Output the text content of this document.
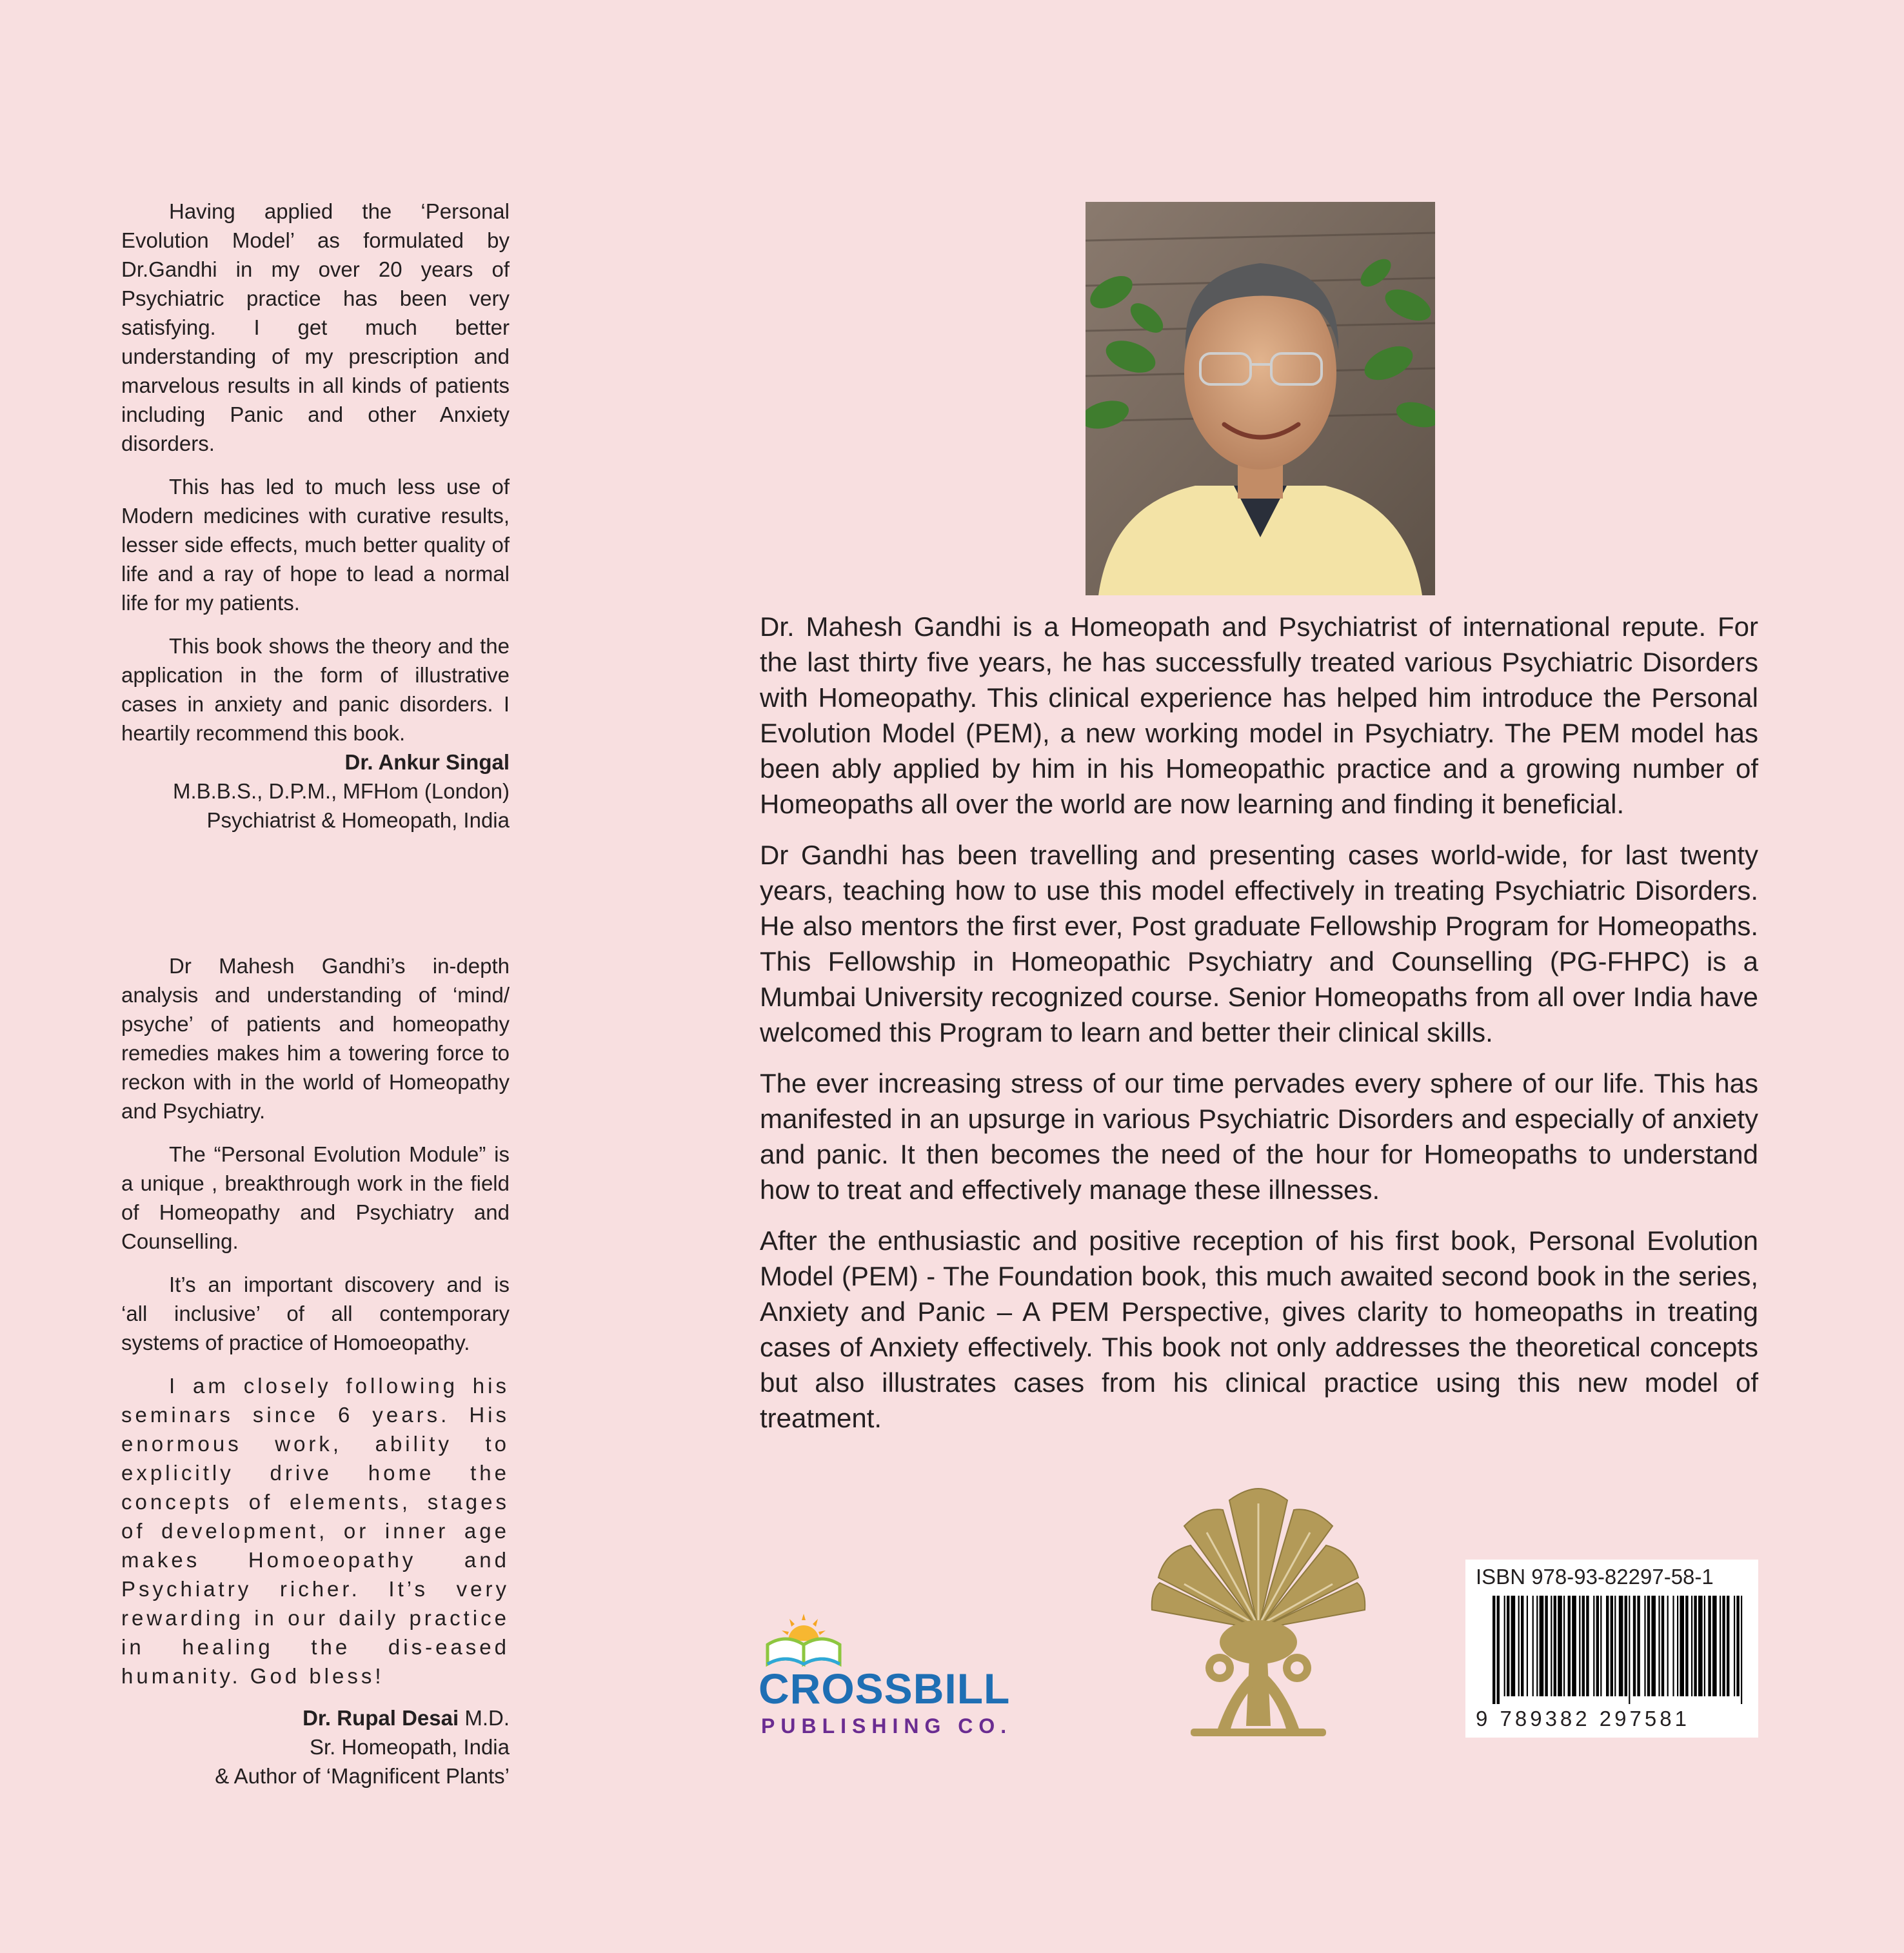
Having applied the ‘Personal Evolution Model’ as formulated by Dr.Gandhi in my over 20 years of Psychiatric practice has been very satisfying. I get much better understanding of my prescription and marvelous results in all kinds of patients including Panic and other Anxiety disorders.

This has led to much less use of Modern medicines with curative results, lesser side effects, much better quality of life and a ray of hope to lead a normal life for my patients.

This book shows the theory and the application in the form of illustrative cases in anxiety and panic disorders. I heartily recommend this book.

Dr. Ankur Singal

M.B.B.S., D.P.M., MFHom (London)

Psychiatrist & Homeopath, India

Dr Mahesh Gandhi’s in-depth analysis and understanding of ‘mind/ psyche’ of patients and homeopathy remedies makes him a towering force to reckon with in the world of Homeopathy and Psychiatry.

The “Personal Evolution Module” is a unique , breakthrough work in the field of Homeopathy and Psychiatry and Counselling.

It’s an important discovery and is ‘all inclusive’ of all contemporary systems of practice of Homoeopathy.

I am closely following his seminars since 6 years. His enormous work, ability to explicitly drive home the concepts of elements, stages of development, or inner age makes Homoeopathy and Psychiatry richer. It’s very rewarding in our daily practice in healing the dis-eased humanity. God bless!

Dr. Rupal Desai M.D.

Sr. Homeopath, India

& Author of ‘Magnificent Plants’

Dr. Mahesh Gandhi is a Homeopath and Psychiatrist of international repute. For the last thirty five years, he has successfully treated various Psychiatric Disorders with Homeopathy. This clinical experience has helped him introduce the Personal Evolution Model (PEM), a new working model in Psychiatry. The PEM model has been ably applied by him in his Homeopathic practice and a growing number of Homeopaths all over the world are now learning and finding it beneficial.

Dr Gandhi has been travelling and presenting cases world-wide, for last twenty years, teaching how to use this model effectively in treating Psychiatric Disorders. He also mentors the first ever, Post graduate Fellowship Program for Homeopaths. This Fellowship in Homeopathic Psychiatry and Counselling (PG-FHPC) is a Mumbai University recognized course. Senior Homeopaths from all over India have welcomed this Program to learn and better their clinical skills.

The ever increasing stress of our time pervades every sphere of our life. This has manifested in an upsurge in various Psychiatric Disorders and especially of anxiety and panic. It then becomes the need of the hour for Homeopaths to understand how to treat and effectively manage these illnesses.

After the enthusiastic and positive reception of his first book, Personal Evolution Model (PEM) - The Foundation book, this much awaited second book in the series, Anxiety and Panic – A PEM Perspective, gives clarity to homeopaths in treating cases of Anxiety effectively. This book not only addresses the theoretical concepts but also illustrates cases from his clinical practice using this new model of treatment.

CROSSBILL
PUBLISHING CO.
ISBN 978-93-82297-58-1
9 789382 297581
